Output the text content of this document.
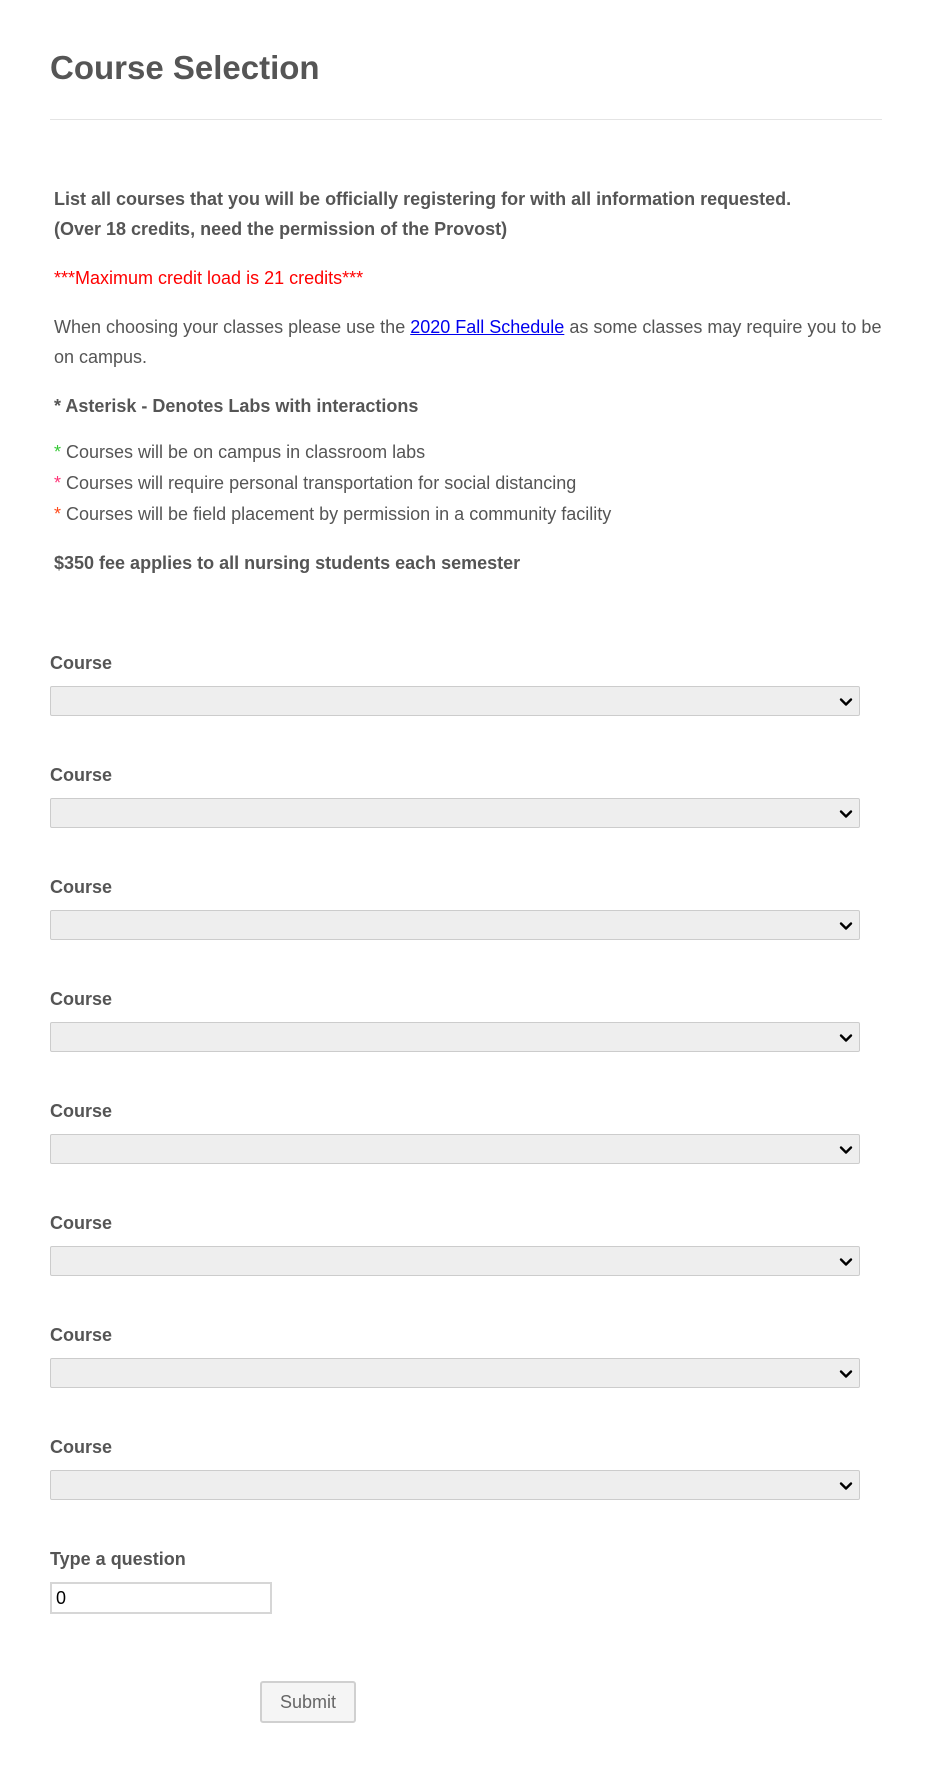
Course Selection

List all courses that you will be officially registering for with all information requested.
(Over 18 credits, need the permission of the Provost)

***Maximum credit load is 21 credits***

When choosing your classes please use the 2020 Fall Schedule as some classes may require you to be on campus.

* Asterisk - Denotes Labs with interactions

* Courses will be on campus in classroom labs
* Courses will require personal transportation for social distancing
* Courses will be field placement by permission in a community facility

$350 fee applies to all nursing students each semester

Course
Course
Course
Course
Course
Course
Course
Course
Type a question
0
Submit
